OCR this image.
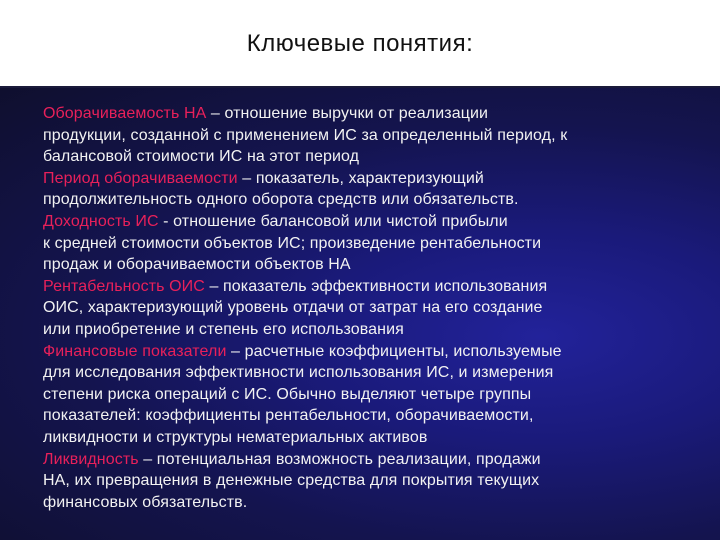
Ключевые понятия:
Оборачиваемость НА – отношение выручки от реализации
продукции, созданной с применением ИС за определенный период, к
балансовой стоимости ИС на этот период
Период оборачиваемости – показатель, характеризующий
продолжительность одного оборота средств или обязательств.
Доходность ИС - отношение балансовой или чистой прибыли
к средней стоимости объектов ИС; произведение рентабельности
продаж и оборачиваемости объектов НА
Рентабельность ОИС – показатель эффективности использования
ОИС, характеризующий уровень отдачи от затрат на его создание
или приобретение и степень его использования
Финансовые показатели – расчетные коэффициенты, используемые
для исследования эффективности использования ИС, и измерения
степени риска операций с ИС. Обычно выделяют четыре группы
показателей: коэффициенты рентабельности, оборачиваемости,
ликвидности и структуры нематериальных активов
Ликвидность – потенциальная возможность реализации, продажи
НА, их превращения в денежные средства для покрытия текущих
финансовых обязательств.
